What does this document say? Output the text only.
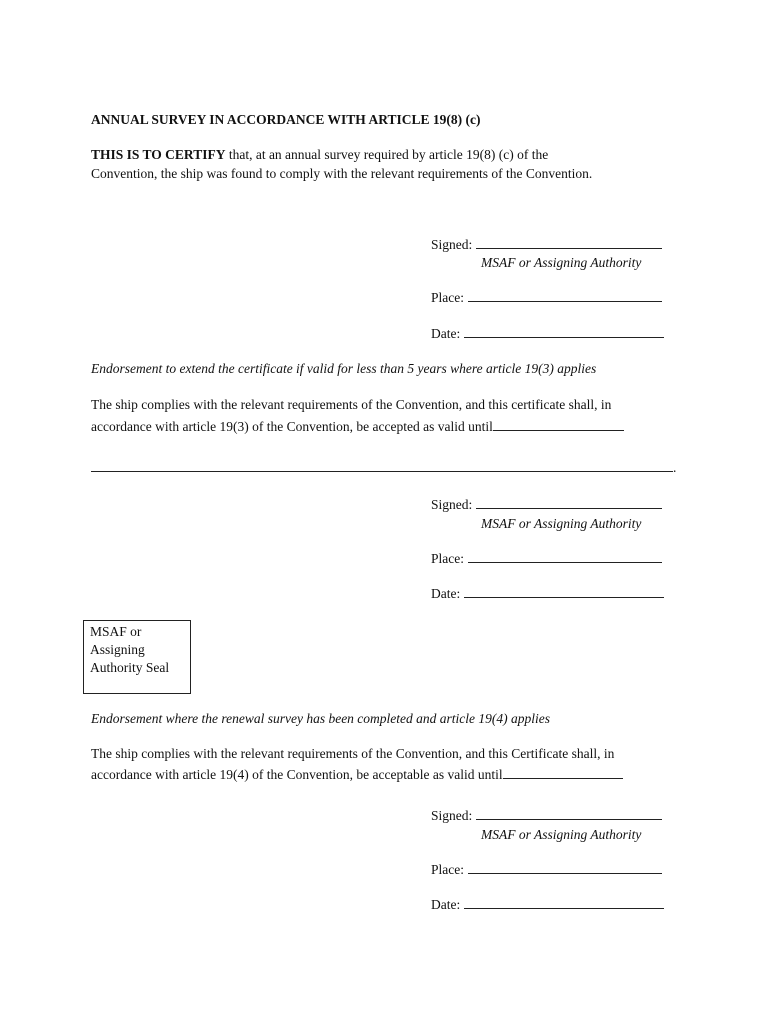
ANNUAL SURVEY IN ACCORDANCE WITH ARTICLE 19(8) (c)
THIS IS TO CERTIFY that, at an annual survey required by article 19(8) (c) of the
Convention, the ship was found to comply with the relevant requirements of the Convention.
Signed:
MSAF or Assigning Authority
Place:
Date:
Endorsement to extend the certificate if valid for less than 5 years where article 19(3) applies
The ship complies with the relevant requirements of the Convention, and this certificate shall, in
accordance with article 19(3) of the Convention, be accepted as valid until
.
Signed:
MSAF or Assigning Authority
Place:
Date:
MSAF or
Assigning
Authority Seal
Endorsement where the renewal survey has been completed and article 19(4) applies
The ship complies with the relevant requirements of the Convention, and this Certificate shall, in
accordance with article 19(4) of the Convention, be acceptable as valid until
Signed:
MSAF or Assigning Authority
Place:
Date:
